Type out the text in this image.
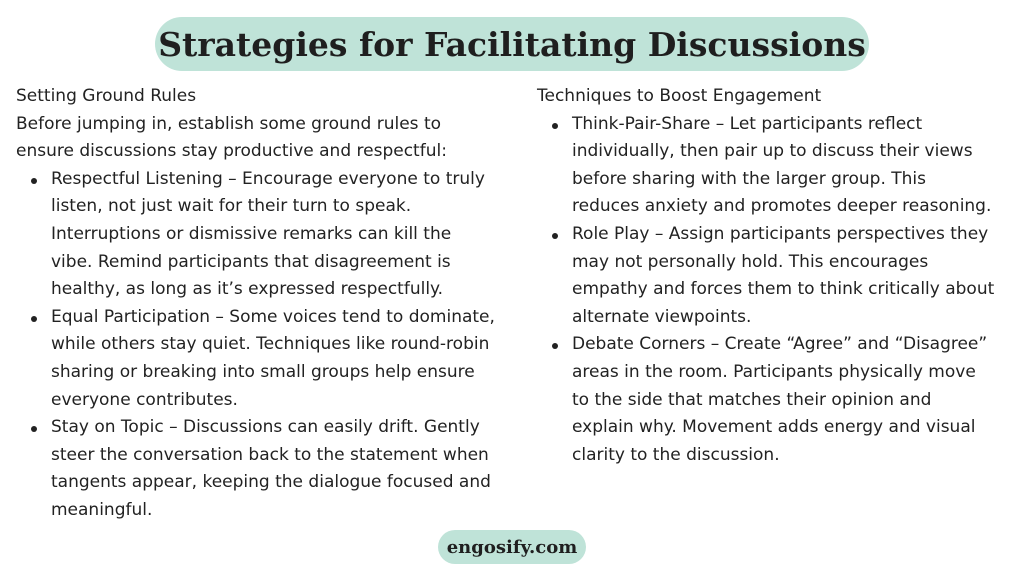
Strategies for Facilitating Discussions

Setting Ground Rules

Before jumping in, establish some ground rules to ensure discussions stay productive and respectful:

Respectful Listening – Encourage everyone to truly listen, not just wait for their turn to speak. Interruptions or dismissive remarks can kill the vibe. Remind participants that disagreement is healthy, as long as it’s expressed respectfully.
Equal Participation – Some voices tend to dominate, while others stay quiet. Techniques like round-robin sharing or breaking into small groups help ensure everyone contributes.
Stay on Topic – Discussions can easily drift. Gently steer the conversation back to the statement when tangents appear, keeping the dialogue focused and meaningful.

Techniques to Boost Engagement

Think-Pair-Share – Let participants reflect individually, then pair up to discuss their views before sharing with the larger group. This reduces anxiety and promotes deeper reasoning.
Role Play – Assign participants perspectives they may not personally hold. This encourages empathy and forces them to think critically about alternate viewpoints.
Debate Corners – Create “Agree” and “Disagree” areas in the room. Participants physically move to the side that matches their opinion and explain why. Movement adds energy and visual clarity to the discussion.
engosify.com
